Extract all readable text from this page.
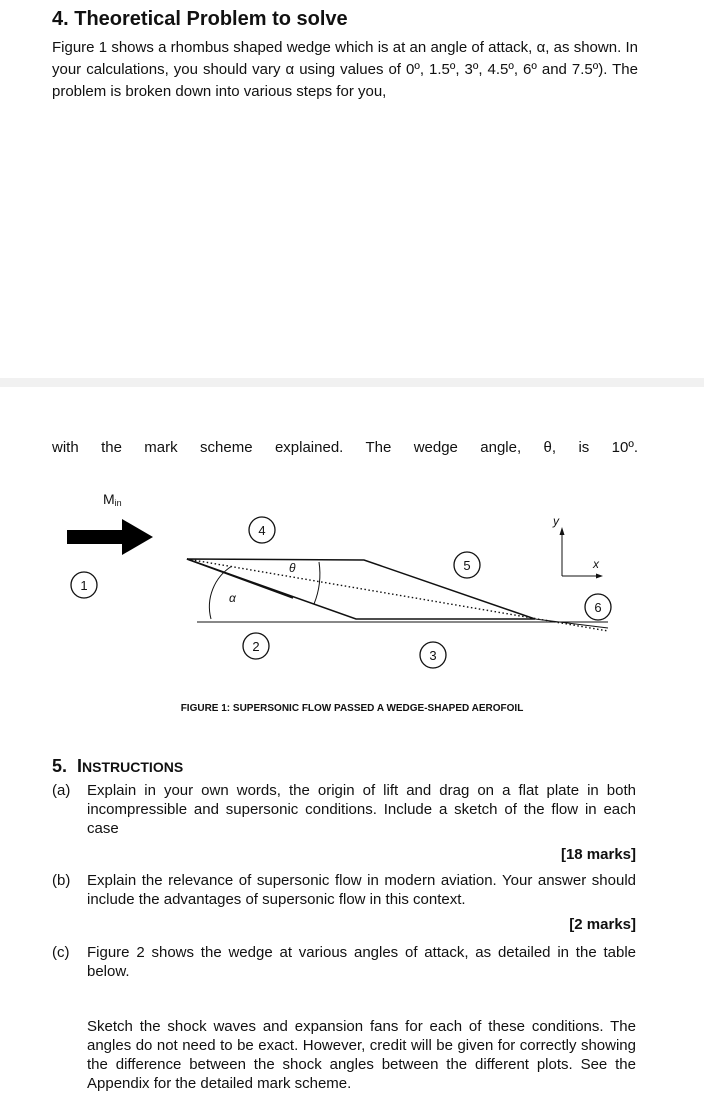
4. Theoretical Problem to solve
Figure 1 shows a rhombus shaped wedge which is at an angle of attack, α, as shown. In your calculations, you should vary α using values of 0º, 1.5º, 3º, 4.5º, 6º and 7.5º). The problem is broken down into various steps for you,
with the mark scheme explained. The wedge angle, θ, is 10º.
Min
α
θ
1
2
3
4
5
6
y
x
FIGURE 1: SUPERSONIC FLOW PASSED A WEDGE-SHAPED AEROFOIL
5. INSTRUCTIONS
(a) Explain in your own words, the origin of lift and drag on a flat plate in both incompressible and supersonic conditions. Include a sketch of the flow in each case
[18 marks]
(b) Explain the relevance of supersonic flow in modern aviation. Your answer should include the advantages of supersonic flow in this context.
[2 marks]
(c) Figure 2 shows the wedge at various angles of attack, as detailed in the table below.
Sketch the shock waves and expansion fans for each of these conditions. The angles do not need to be exact. However, credit will be given for correctly showing the difference between the shock angles between the different plots. See the Appendix for the detailed mark scheme.
